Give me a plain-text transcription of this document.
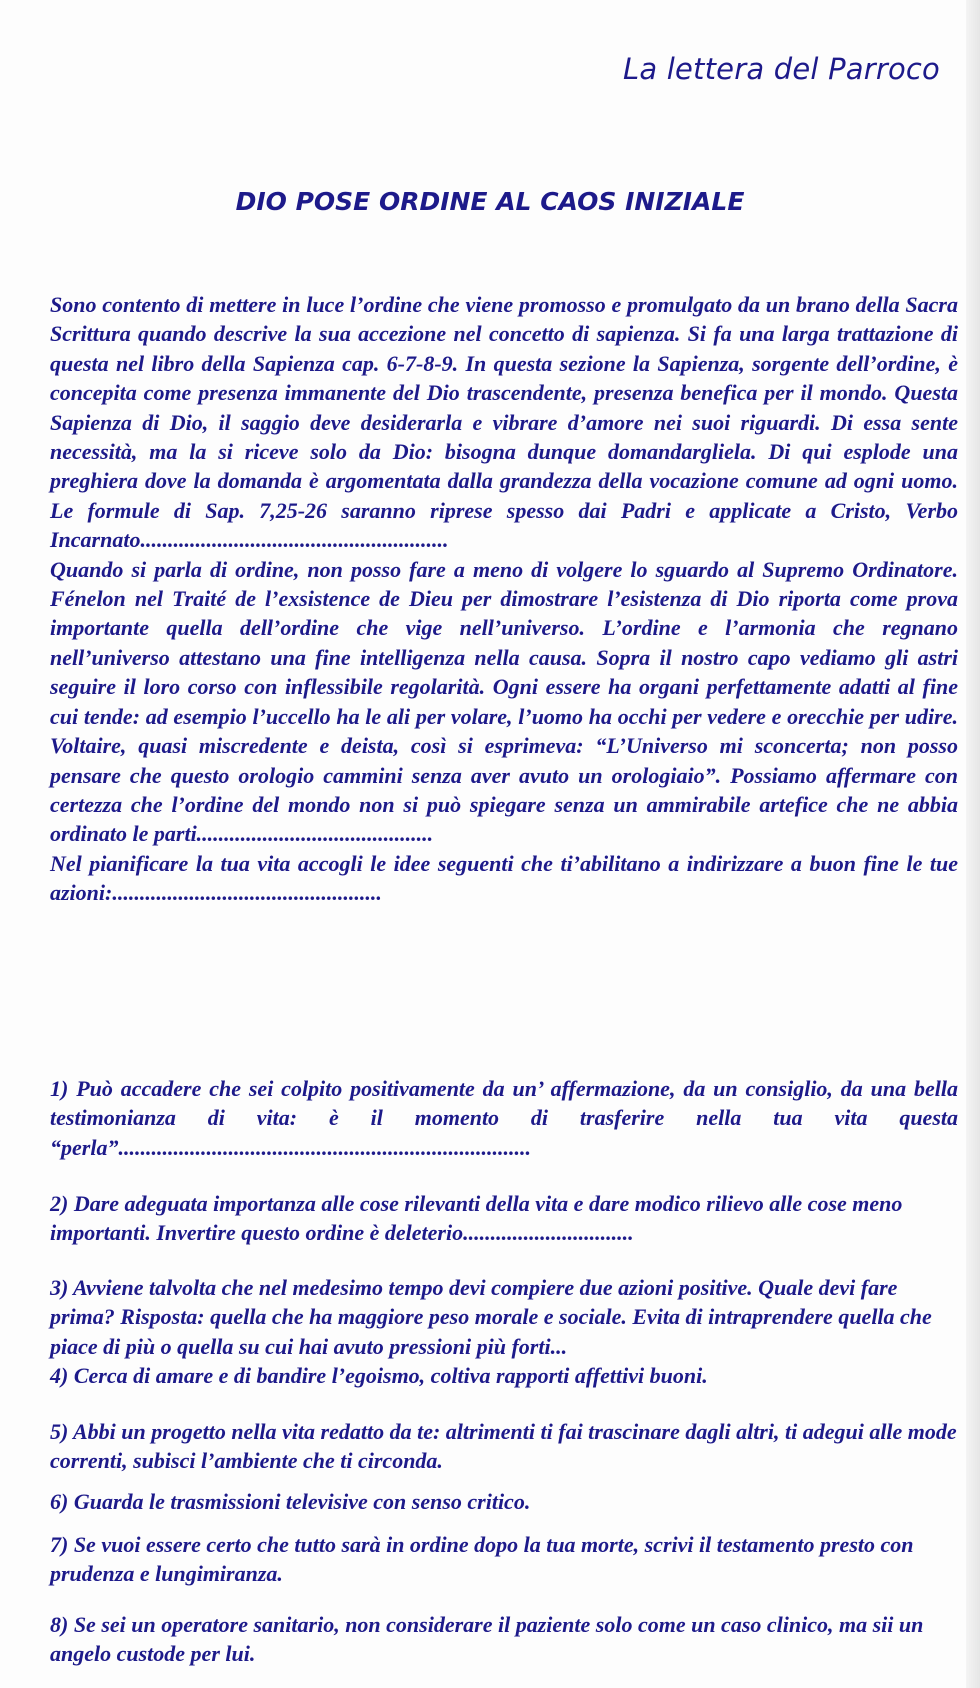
La lettera del Parroco
DIO POSE ORDINE AL CAOS INIZIALE

Sono contento di mettere in luce l’ordine che viene promosso e promulgato da un brano della Sacra Scrittura quando descrive la sua accezione nel concetto di sapienza. Si fa una larga trattazione di questa nel libro della Sapienza cap. 6-7-8-9. In questa sezione la Sapienza, sorgente dell’ordine, è concepita come presenza immanente del Dio trascendente, presenza benefica per il mondo. Questa Sapienza di Dio, il saggio deve desiderarla e vibrare d’amore nei suoi riguardi. Di essa sente necessità, ma la si riceve solo da Dio: bisogna dunque domandargliela. Di qui esplode una preghiera dove la domanda è argomentata dalla grandezza della vocazione comune ad ogni uomo. Le formule di Sap. 7,25-26 saranno riprese spesso dai Padri e applicate a Cristo, Verbo Incarnato........................................................

Quando si parla di ordine, non posso fare a meno di volgere lo sguardo al Supremo Ordinatore. Fénelon nel Traité de l’exsistence de Dieu per dimostrare l’esistenza di Dio riporta come prova importante quella dell’ordine che vige nell’universo. L’ordine e l’armonia che regnano nell’universo attestano una fine intelligenza nella causa. Sopra il nostro capo vediamo gli astri seguire il loro corso con inflessibile regolarità. Ogni essere ha organi perfettamente adatti al fine cui tende: ad esempio l’uccello ha le ali per volare, l’uomo ha occhi per vedere e orecchie per udire. Voltaire, quasi miscredente e deista, così si esprimeva: “L’Universo mi sconcerta; non posso pensare che questo orologio cammini senza aver avuto un orologiaio”. Possiamo affermare con certezza che l’ordine del mondo non si può spiegare senza un ammirabile artefice che ne abbia ordinato le parti...........................................

Nel pianificare la tua vita accogli le idee seguenti che ti’abilitano a indirizzare a buon fine le tue azioni:.................................................

1) Può accadere che sei colpito positivamente da un’ affermazione, da un consiglio, da una bella testimonianza di vita: è il momento di trasferire nella tua vita questa “perla”...........................................................................

2) Dare adeguata importanza alle cose rilevanti della vita e dare modico rilievo alle cose meno importanti. Invertire questo ordine è deleterio...............................

3) Avviene talvolta che nel medesimo tempo devi compiere due azioni positive. Quale devi fare prima? Risposta: quella che ha maggiore peso morale e sociale. Evita di intraprendere quella che piace di più o quella su cui hai avuto pressioni più forti...

4) Cerca di amare e di bandire l’egoismo, coltiva rapporti affettivi buoni.

5) Abbi un progetto nella vita redatto da te: altrimenti ti fai trascinare dagli altri, ti adegui alle mode correnti, subisci l’ambiente che ti circonda.

6) Guarda le trasmissioni televisive con senso critico.

7) Se vuoi essere certo che tutto sarà in ordine dopo la tua morte, scrivi il testamento presto con prudenza e lungimiranza.

8) Se sei un operatore sanitario, non considerare il paziente solo come un caso clinico, ma sii un angelo custode per lui.
